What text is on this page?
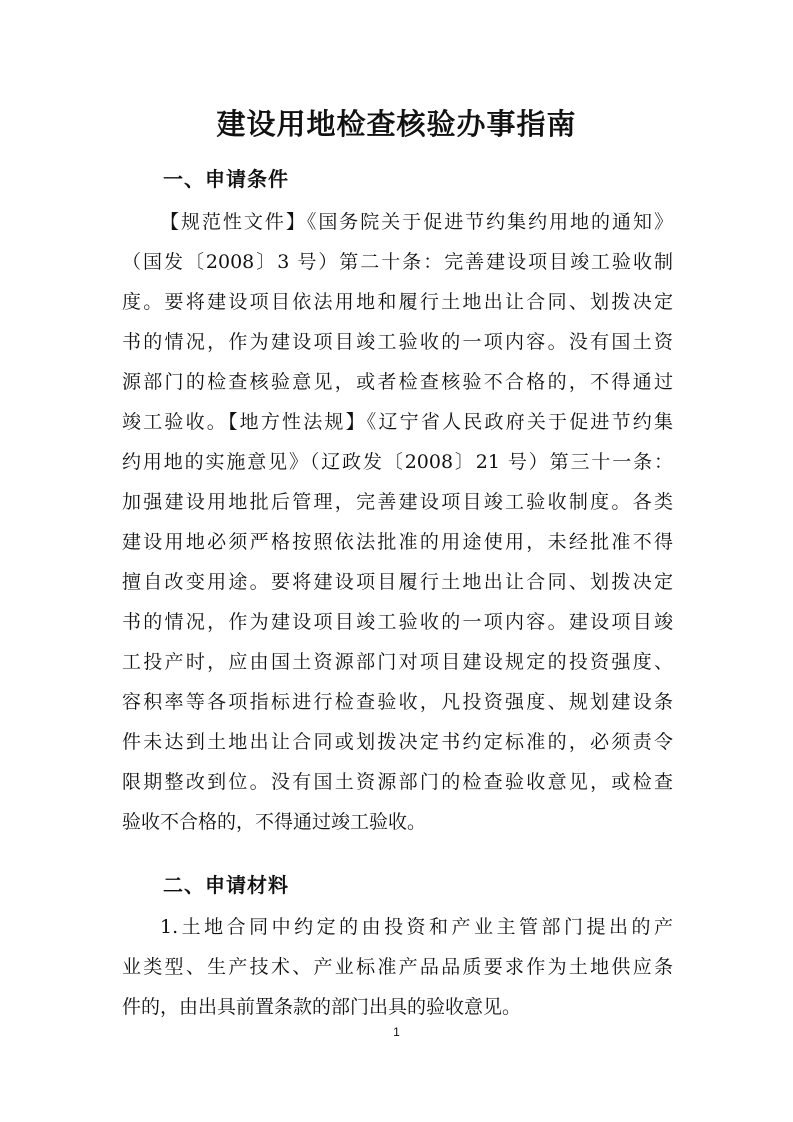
建设用地检查核验办事指南
一、申请条件
【规范性文件】《国务院关于促进节约集约用地的通知》
（国发〔2008〕3 号）第二十条：完善建设项目竣工验收制
度。要将建设项目依法用地和履行土地出让合同、划拨决定
书的情况，作为建设项目竣工验收的一项内容。没有国土资
源部门的检查核验意见，或者检查核验不合格的，不得通过
竣工验收。【地方性法规】《辽宁省人民政府关于促进节约集
约用地的实施意见》（辽政发〔2008〕21 号）第三十一条：
加强建设用地批后管理，完善建设项目竣工验收制度。各类
建设用地必须严格按照依法批准的用途使用，未经批准不得
擅自改变用途。要将建设项目履行土地出让合同、划拨决定
书的情况，作为建设项目竣工验收的一项内容。建设项目竣
工投产时，应由国土资源部门对项目建设规定的投资强度、
容积率等各项指标进行检查验收，凡投资强度、规划建设条
件未达到土地出让合同或划拨决定书约定标准的，必须责令
限期整改到位。没有国土资源部门的检查验收意见，或检查
验收不合格的，不得通过竣工验收。
二、申请材料
1.土地合同中约定的由投资和产业主管部门提出的产
业类型、生产技术、产业标准产品品质要求作为土地供应条
件的，由出具前置条款的部门出具的验收意见。
1
